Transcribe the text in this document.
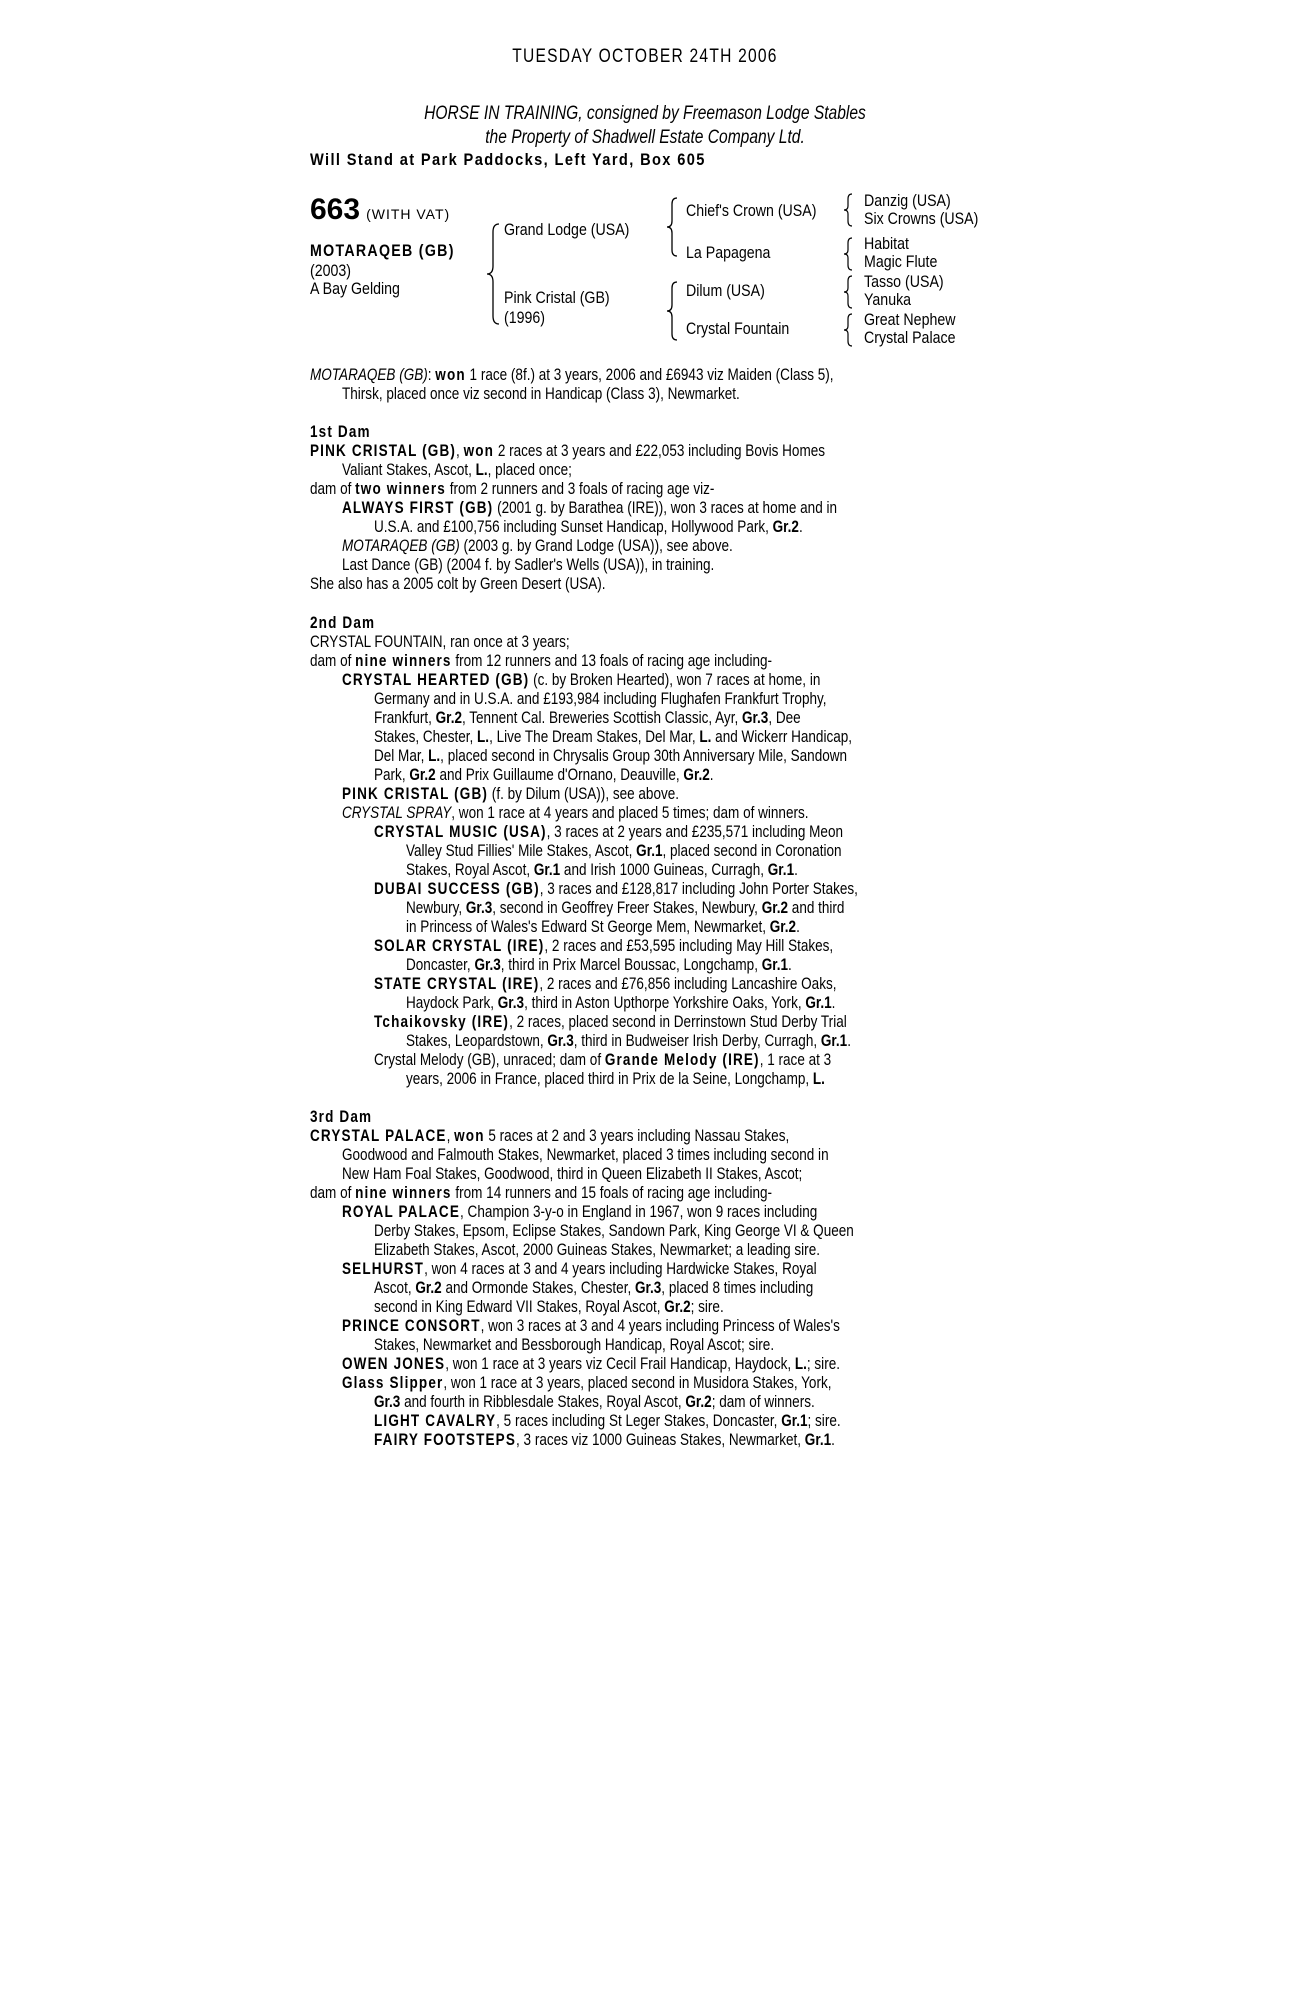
TUESDAY OCTOBER 24TH 2006
HORSE IN TRAINING, consigned by Freemason Lodge Stables
the Property of Shadwell Estate Company Ltd.
Will Stand at Park Paddocks, Left Yard, Box 605
663 (WITH VAT)
MOTARAQEB (GB)
(2003)
A Bay Gelding
Grand Lodge (USA)
Pink Cristal (GB)
(1996)
Chief's Crown (USA)
La Papagena
Dilum (USA)
Crystal Fountain
Danzig (USA)
Six Crowns (USA)
Habitat
Magic Flute
Tasso (USA)
Yanuka
Great Nephew
Crystal Palace
MOTARAQEB (GB): won 1 race (8f.) at 3 years, 2006 and £6943 viz Maiden (Class 5),
Thirsk, placed once viz second in Handicap (Class 3), Newmarket.
1st Dam
PINK CRISTAL (GB), won 2 races at 3 years and £22,053 including Bovis Homes
Valiant Stakes, Ascot, L., placed once;
dam of two winners from 2 runners and 3 foals of racing age viz-
ALWAYS FIRST (GB) (2001 g. by Barathea (IRE)), won 3 races at home and in
U.S.A. and £100,756 including Sunset Handicap, Hollywood Park, Gr.2.
MOTARAQEB (GB) (2003 g. by Grand Lodge (USA)), see above.
Last Dance (GB) (2004 f. by Sadler's Wells (USA)), in training.
She also has a 2005 colt by Green Desert (USA).
2nd Dam
CRYSTAL FOUNTAIN, ran once at 3 years;
dam of nine winners from 12 runners and 13 foals of racing age including-
CRYSTAL HEARTED (GB) (c. by Broken Hearted), won 7 races at home, in
Germany and in U.S.A. and £193,984 including Flughafen Frankfurt Trophy,
Frankfurt, Gr.2, Tennent Cal. Breweries Scottish Classic, Ayr, Gr.3, Dee
Stakes, Chester, L., Live The Dream Stakes, Del Mar, L. and Wickerr Handicap,
Del Mar, L., placed second in Chrysalis Group 30th Anniversary Mile, Sandown
Park, Gr.2 and Prix Guillaume d'Ornano, Deauville, Gr.2.
PINK CRISTAL (GB) (f. by Dilum (USA)), see above.
CRYSTAL SPRAY, won 1 race at 4 years and placed 5 times; dam of winners.
CRYSTAL MUSIC (USA), 3 races at 2 years and £235,571 including Meon
Valley Stud Fillies' Mile Stakes, Ascot, Gr.1, placed second in Coronation
Stakes, Royal Ascot, Gr.1 and Irish 1000 Guineas, Curragh, Gr.1.
DUBAI SUCCESS (GB), 3 races and £128,817 including John Porter Stakes,
Newbury, Gr.3, second in Geoffrey Freer Stakes, Newbury, Gr.2 and third
in Princess of Wales's Edward St George Mem, Newmarket, Gr.2.
SOLAR CRYSTAL (IRE), 2 races and £53,595 including May Hill Stakes,
Doncaster, Gr.3, third in Prix Marcel Boussac, Longchamp, Gr.1.
STATE CRYSTAL (IRE), 2 races and £76,856 including Lancashire Oaks,
Haydock Park, Gr.3, third in Aston Upthorpe Yorkshire Oaks, York, Gr.1.
Tchaikovsky (IRE), 2 races, placed second in Derrinstown Stud Derby Trial
Stakes, Leopardstown, Gr.3, third in Budweiser Irish Derby, Curragh, Gr.1.
Crystal Melody (GB), unraced; dam of Grande Melody (IRE), 1 race at 3
years, 2006 in France, placed third in Prix de la Seine, Longchamp, L.
3rd Dam
CRYSTAL PALACE, won 5 races at 2 and 3 years including Nassau Stakes,
Goodwood and Falmouth Stakes, Newmarket, placed 3 times including second in
New Ham Foal Stakes, Goodwood, third in Queen Elizabeth II Stakes, Ascot;
dam of nine winners from 14 runners and 15 foals of racing age including-
ROYAL PALACE, Champion 3-y-o in England in 1967, won 9 races including
Derby Stakes, Epsom, Eclipse Stakes, Sandown Park, King George VI & Queen
Elizabeth Stakes, Ascot, 2000 Guineas Stakes, Newmarket; a leading sire.
SELHURST, won 4 races at 3 and 4 years including Hardwicke Stakes, Royal
Ascot, Gr.2 and Ormonde Stakes, Chester, Gr.3, placed 8 times including
second in King Edward VII Stakes, Royal Ascot, Gr.2; sire.
PRINCE CONSORT, won 3 races at 3 and 4 years including Princess of Wales's
Stakes, Newmarket and Bessborough Handicap, Royal Ascot; sire.
OWEN JONES, won 1 race at 3 years viz Cecil Frail Handicap, Haydock, L.; sire.
Glass Slipper, won 1 race at 3 years, placed second in Musidora Stakes, York,
Gr.3 and fourth in Ribblesdale Stakes, Royal Ascot, Gr.2; dam of winners.
LIGHT CAVALRY, 5 races including St Leger Stakes, Doncaster, Gr.1; sire.
FAIRY FOOTSTEPS, 3 races viz 1000 Guineas Stakes, Newmarket, Gr.1.
